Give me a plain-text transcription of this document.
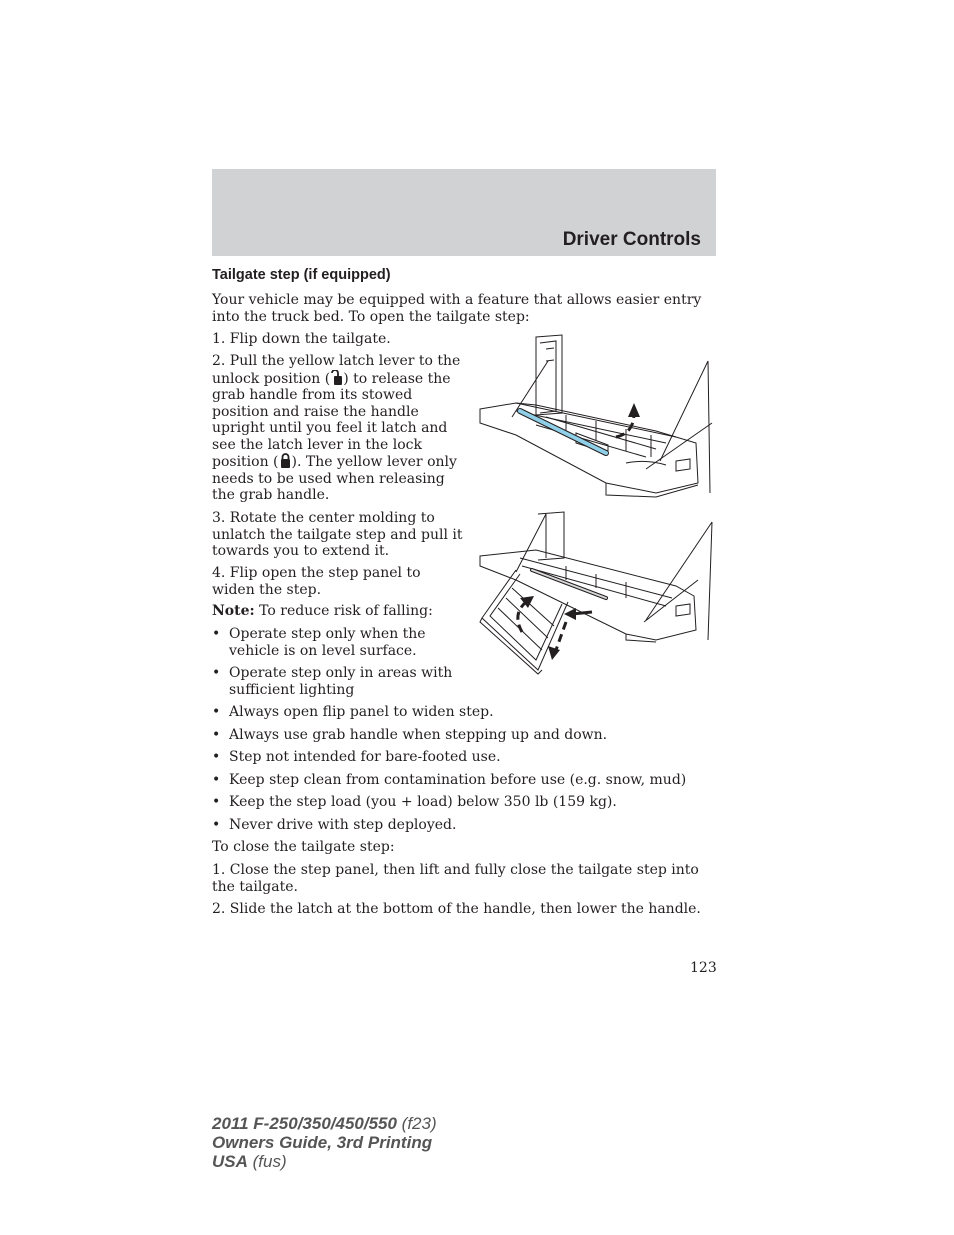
Driver Controls
Tailgate step (if equipped)

Your vehicle may be equipped with a feature that allows easier entry into the truck bed. To open the tailgate step:

1. Flip down the tailgate.

2. Pull the yellow latch lever to the unlock position ( ) to release the grab handle from its stowed position and raise the handle upright until you feel it latch and see the latch lever in the lock position ( ). The yellow lever only needs to be used when releasing the grab handle.

3. Rotate the center molding to unlatch the tailgate step and pull it towards you to extend it.

4. Flip open the step panel to widen the step.

Note: To reduce risk of falling:

• Operate step only when the vehicle is on level surface.
• Operate step only in areas with sufficient lighting
• Always open flip panel to widen step.
• Always use grab handle when stepping up and down.
• Step not intended for bare-footed use.
• Keep step clean from contamination before use (e.g. snow, mud)
• Keep the step load (you + load) below 350 lb (159 kg).
• Never drive with step deployed.

To close the tailgate step:

1. Close the step panel, then lift and fully close the tailgate step into the tailgate.

2. Slide the latch at the bottom of the handle, then lower the handle.

123

2011 F-250/350/450/550 (f23)
Owners Guide, 3rd Printing
USA (fus)
